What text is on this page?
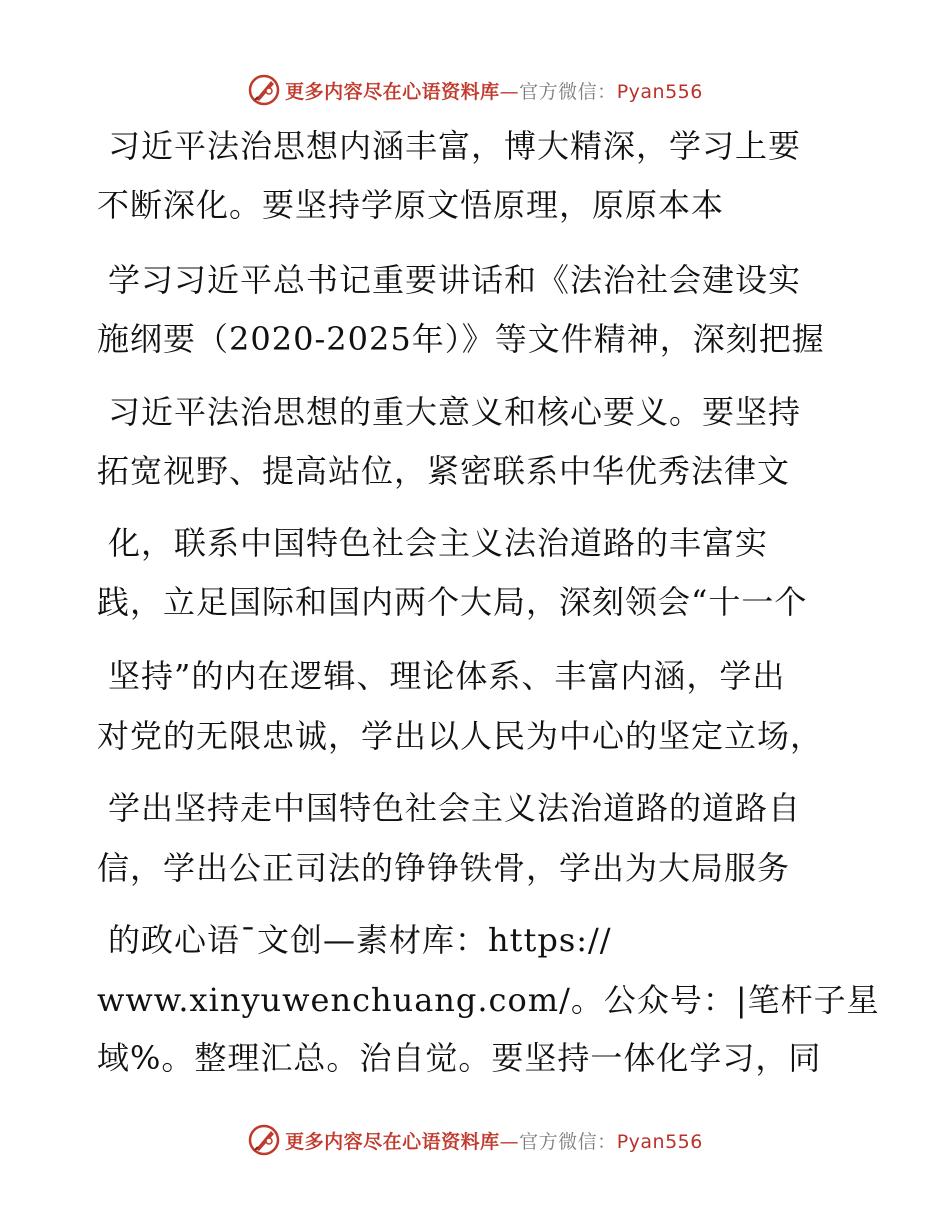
更多内容尽在心语资料库—官方微信：Pyan556
习近平法治思想内涵丰富，博大精深，学习上要
不断深化。要坚持学原文悟原理，原原本本
学习习近平总书记重要讲话和《法治社会建设实
施纲要（2020-2025年）》等文件精神，深刻把握
习近平法治思想的重大意义和核心要义。要坚持
拓宽视野、提高站位，紧密联系中华优秀法律文
化，联系中国特色社会主义法治道路的丰富实
践，立足国际和国内两个大局，深刻领会“十一个
坚持”的内在逻辑、理论体系、丰富内涵，学出
对党的无限忠诚，学出以人民为中心的坚定立场，
学出坚持走中国特色社会主义法治道路的道路自
信，学出公正司法的铮铮铁骨，学出为大局服务
的政心语¯文创—素材库：https://
www.xinyuwenchuang.com/。公众号：|笔杆子星
域%。整理汇总。治自觉。要坚持一体化学习，同
更多内容尽在心语资料库—官方微信：Pyan556
